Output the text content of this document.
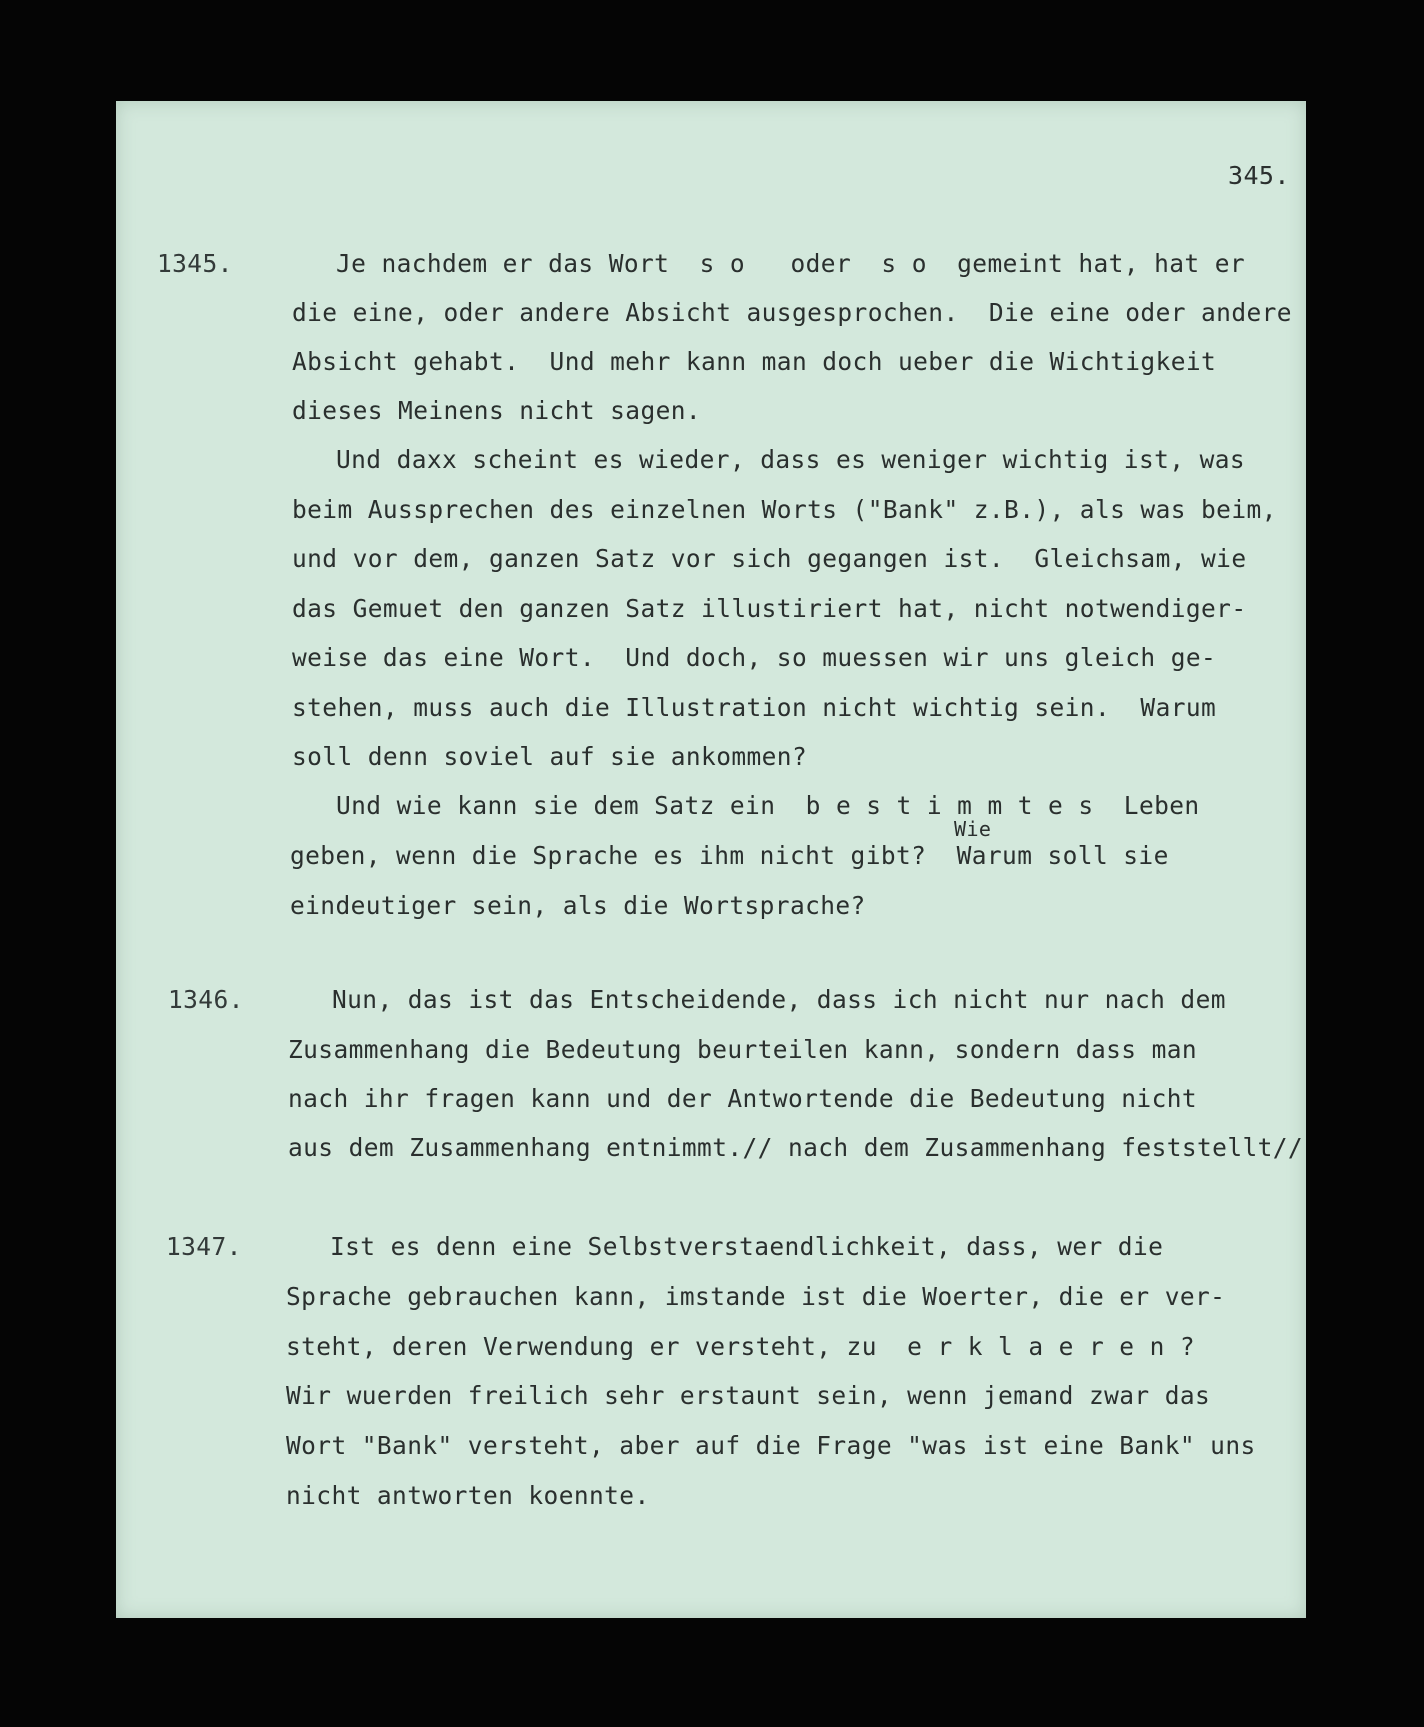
345.
1345.	Je nachdem er das Wort  s o   oder  s o  gemeint hat, hat er
die eine, oder andere Absicht ausgesprochen.  Die eine oder andere
Absicht gehabt.  Und mehr kann man doch ueber die Wichtigkeit
dieses Meinens nicht sagen.
Und daxx scheint es wieder, dass es weniger wichtig ist, was
beim Aussprechen des einzelnen Worts ("Bank" z.B.), als was beim,
und vor dem, ganzen Satz vor sich gegangen ist.  Gleichsam, wie
das Gemuet den ganzen Satz illustiriert hat, nicht notwendiger-
weise das eine Wort.  Und doch, so muessen wir uns gleich ge-
stehen, muss auch die Illustration nicht wichtig sein.  Warum
soll denn soviel auf sie ankommen?
Und wie kann sie dem Satz ein  b e s t i m m t e s  Leben
Wie
geben, wenn die Sprache es ihm nicht gibt?  Warum soll sie
eindeutiger sein, als die Wortsprache?
1346.	Nun, das ist das Entscheidende, dass ich nicht nur nach dem
Zusammenhang die Bedeutung beurteilen kann, sondern dass man
nach ihr fragen kann und der Antwortende die Bedeutung nicht
aus dem Zusammenhang entnimmt.// nach dem Zusammenhang feststellt//
1347.	Ist es denn eine Selbstverstaendlichkeit, dass, wer die
Sprache gebrauchen kann, imstande ist die Woerter, die er ver-
steht, deren Verwendung er versteht, zu  e r k l a e r e n ?
Wir wuerden freilich sehr erstaunt sein, wenn jemand zwar das
Wort "Bank" versteht, aber auf die Frage "was ist eine Bank" uns
nicht antworten koennte.
